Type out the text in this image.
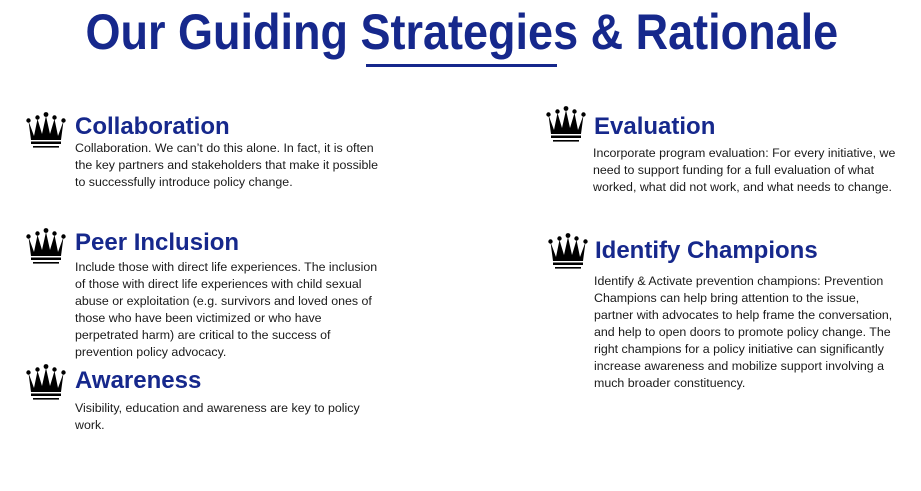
Our Guiding Strategies & Rationale
Collaboration
Collaboration. We can’t do this alone. In fact, it is often the key partners and stakeholders that make it possible to successfully introduce policy change.
Peer Inclusion
Include those with direct life experiences. The inclusion of those with direct life experiences with child sexual abuse or exploitation (e.g. survivors and loved ones of those who have been victimized or who have perpetrated harm) are critical to the success of prevention policy advocacy.
Awareness
Visibility, education and awareness are key to policy work.
Evaluation
Incorporate program evaluation: For every initiative, we need to support funding for a full evaluation of what worked, what did not work, and what needs to change.
Identify Champions
Identify & Activate prevention champions: Prevention Champions can help bring attention to the issue, partner with advocates to help frame the conversation, and help to open doors to promote policy change. The right champions for a policy initiative can significantly increase awareness and mobilize support involving a much broader constituency.
